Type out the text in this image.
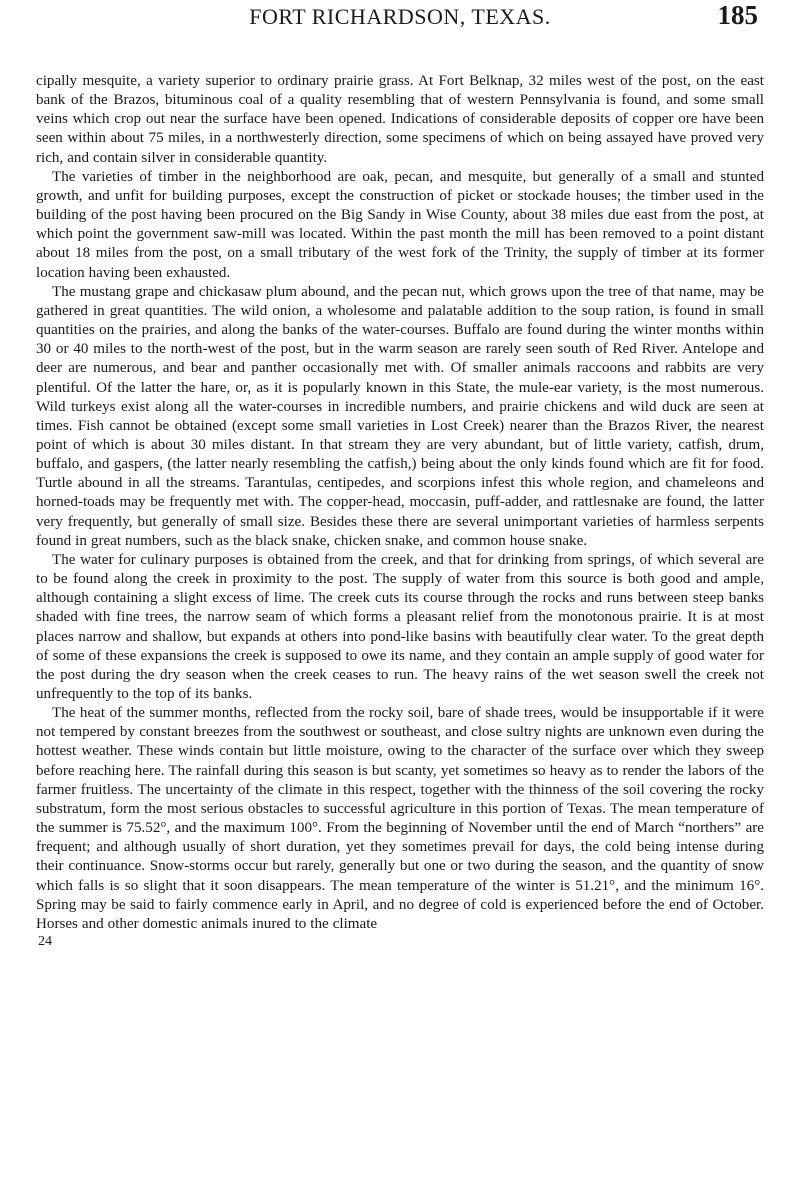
FORT RICHARDSON, TEXAS.	185

cipally mesquite, a variety superior to ordinary prairie grass. At Fort Belknap, 32 miles west of the post, on the east bank of the Brazos, bituminous coal of a quality resembling that of western Pennsylvania is found, and some small veins which crop out near the surface have been opened. Indications of considerable deposits of copper ore have been seen within about 75 miles, in a northwesterly direction, some specimens of which on being assayed have proved very rich, and contain silver in considerable quantity.

The varieties of timber in the neighborhood are oak, pecan, and mesquite, but generally of a small and stunted growth, and unfit for building purposes, except the construction of picket or stockade houses; the timber used in the building of the post having been procured on the Big Sandy in Wise County, about 38 miles due east from the post, at which point the government saw-mill was located. Within the past month the mill has been removed to a point distant about 18 miles from the post, on a small tributary of the west fork of the Trinity, the supply of timber at its former location having been exhausted.

The mustang grape and chickasaw plum abound, and the pecan nut, which grows upon the tree of that name, may be gathered in great quantities. The wild onion, a wholesome and palatable addition to the soup ration, is found in small quantities on the prairies, and along the banks of the water-courses. Buffalo are found during the winter months within 30 or 40 miles to the north-west of the post, but in the warm season are rarely seen south of Red River. Antelope and deer are numerous, and bear and panther occasionally met with. Of smaller animals raccoons and rabbits are very plentiful. Of the latter the hare, or, as it is popularly known in this State, the mule-ear variety, is the most numerous. Wild turkeys exist along all the water-courses in incredible numbers, and prairie chickens and wild duck are seen at times. Fish cannot be obtained (except some small varieties in Lost Creek) nearer than the Brazos River, the nearest point of which is about 30 miles distant. In that stream they are very abundant, but of little variety, catfish, drum, buffalo, and gaspers, (the latter nearly resembling the catfish,) being about the only kinds found which are fit for food. Turtle abound in all the streams. Tarantulas, centipedes, and scorpions infest this whole region, and chameleons and horned-toads may be frequently met with. The copper-head, moccasin, puff-adder, and rattlesnake are found, the latter very frequently, but generally of small size. Besides these there are several unimportant varieties of harmless serpents found in great numbers, such as the black snake, chicken snake, and common house snake.

The water for culinary purposes is obtained from the creek, and that for drinking from springs, of which several are to be found along the creek in proximity to the post. The supply of water from this source is both good and ample, although containing a slight excess of lime. The creek cuts its course through the rocks and runs between steep banks shaded with fine trees, the narrow seam of which forms a pleasant relief from the monotonous prairie. It is at most places narrow and shallow, but expands at others into pond-like basins with beautifully clear water. To the great depth of some of these expansions the creek is supposed to owe its name, and they contain an ample supply of good water for the post during the dry season when the creek ceases to run. The heavy rains of the wet season swell the creek not unfrequently to the top of its banks.

The heat of the summer months, reflected from the rocky soil, bare of shade trees, would be insupportable if it were not tempered by constant breezes from the southwest or southeast, and close sultry nights are unknown even during the hottest weather. These winds contain but little moisture, owing to the character of the surface over which they sweep before reaching here. The rainfall during this season is but scanty, yet sometimes so heavy as to render the labors of the farmer fruitless. The uncertainty of the climate in this respect, together with the thinness of the soil covering the rocky substratum, form the most serious obstacles to successful agriculture in this portion of Texas. The mean temperature of the summer is 75.52°, and the maximum 100°. From the beginning of November until the end of March “northers” are frequent; and although usually of short duration, yet they sometimes prevail for days, the cold being intense during their continuance. Snow-storms occur but rarely, generally but one or two during the season, and the quantity of snow which falls is so slight that it soon disappears. The mean temperature of the winter is 51.21°, and the minimum 16°. Spring may be said to fairly commence early in April, and no degree of cold is experienced before the end of October. Horses and other domestic animals inured to the climate

24
